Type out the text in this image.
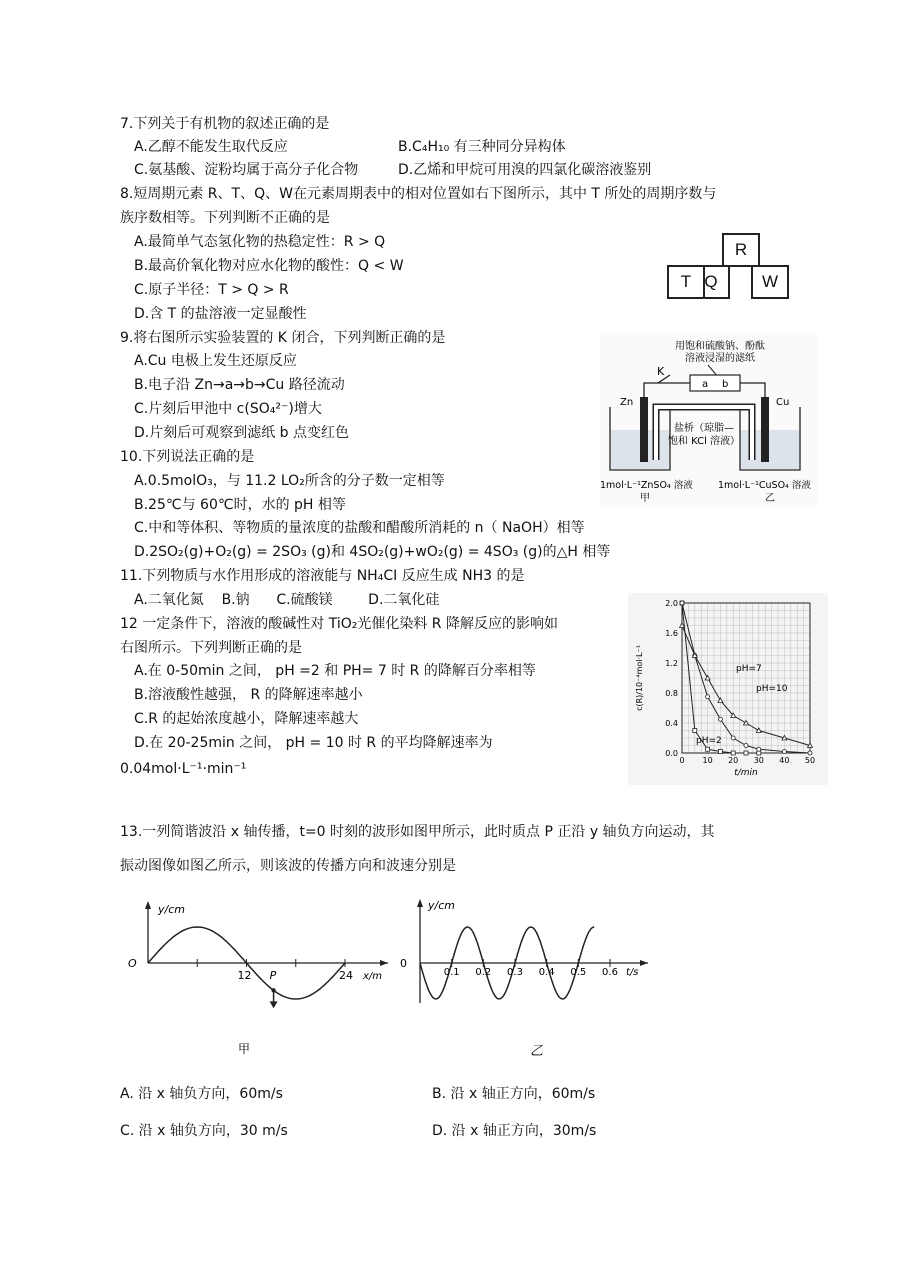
7.下列关于有机物的叙述正确的是
A.乙醇不能发生取代反应	B.C₄H₁₀ 有三种同分异构体
C.氨基酸、淀粉均属于高分子化合物	D.乙烯和甲烷可用溴的四氯化碳溶液鉴别
8.短周期元素 R、T、Q、W在元素周期表中的相对位置如右下图所示，其中 T 所处的周期序数与
族序数相等。下列判断不正确的是
A.最简单气态氢化物的热稳定性：R > Q
B.最高价氧化物对应水化物的酸性：Q < W
C.原子半径：T > Q > R
D.含 T 的盐溶液一定显酸性
R
T Q	W
9.将右图所示实验装置的 K 闭合，下列判断正确的是
A.Cu 电极上发生还原反应
B.电子沿 Zn→a→b→Cu 路径流动
C.片刻后甲池中 c(SO₄²⁻)增大
D.片刻后可观察到滤纸 b 点变红色
用饱和硫酸钠、酚酞
溶液浸湿的滤纸
K
a b
Zn	Cu
盐桥（琼脂—
饱和 KCl 溶液）
1mol·L⁻¹ZnSO₄ 溶液	1mol·L⁻¹CuSO₄ 溶液
甲	乙
10.下列说法正确的是
A.0.5molO₃，与 11.2 LO₂所含的分子数一定相等
B.25℃与 60℃时，水的 pH 相等
C.中和等体积、等物质的量浓度的盐酸和醋酸所消耗的 n（ NaOH）相等
D.2SO₂(g)+O₂(g) = 2SO₃ (g)和 4SO₂(g)+wO₂(g) = 4SO₃ (g)的△H 相等
11.下列物质与水作用形成的溶液能与 NH₄CI 反应生成 NH3 的是
A.二氧化氮    B.钠      C.硫酸镁        D.二氧化硅
12 一定条件下，溶液的酸碱性对 TiO₂光催化染料 R 降解反应的影响如
右图所示。下列判断正确的是
A.在 0-50min 之间， pH =2 和 PH= 7 时 R 的降解百分率相等
B.溶液酸性越强， R 的降解速率越小
C.R 的起始浓度越小，降解速率越大
D.在 20-25min 之间， pH = 10 时 R 的平均降解速率为
0.04mol·L⁻¹·min⁻¹
0.0
0.4
0.8
1.2
1.6
2.0
0 10 20 30 40 50
t/min
c(R)/10⁻⁴mol·L⁻¹
pH=2
pH=7
pH=10
13.一列简谐波沿 x 轴传播，t=0 时刻的波形如图甲所示，此时质点 P 正沿 y 轴负方向运动，其
振动图像如图乙所示，则该波的传播方向和波速分别是
y/cm
O
12	24 x/m
P
甲
y/cm
0
0.1 0.2 0.3 0.4 0.5 0.6 t/s
乙
A. 沿 x 轴负方向，60m/s	B. 沿 x 轴正方向，60m/s
C. 沿 x 轴负方向，30 m/s	D. 沿 x 轴正方向，30m/s
